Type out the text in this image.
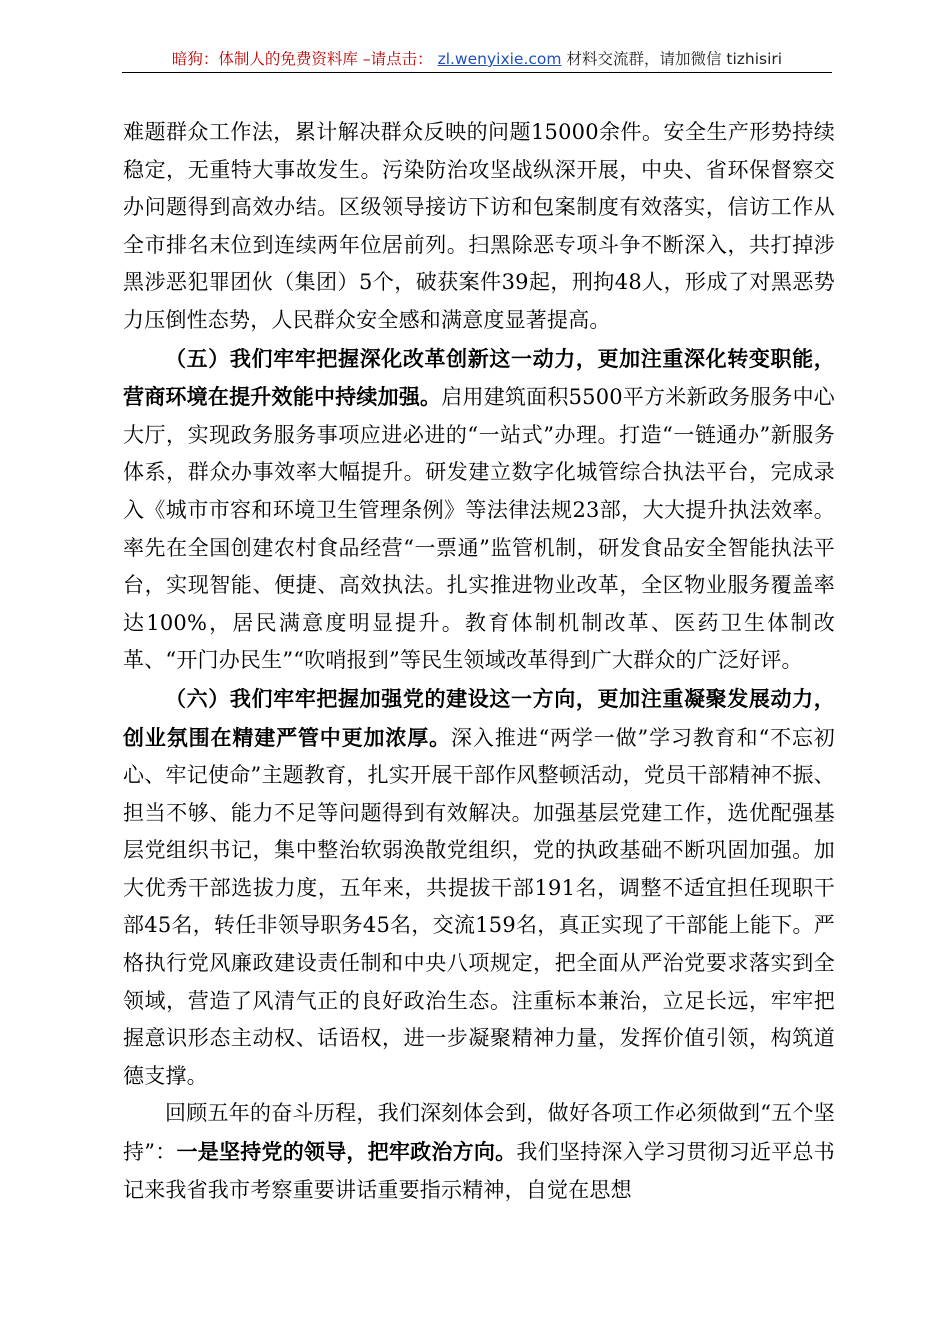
暗狗：体制人的免费资料库 –请点击： zl.wenyixie.com 材料交流群，请加微信 tizhisiri

难题群众工作法，累计解决群众反映的问题15000余件。安全生产形势持续稳定，无重特大事故发生。污染防治攻坚战纵深开展，中央、省环保督察交办问题得到高效办结。区级领导接访下访和包案制度有效落实，信访工作从全市排名末位到连续两年位居前列。扫黑除恶专项斗争不断深入，共打掉涉黑涉恶犯罪团伙（集团）5个，破获案件39起，刑拘48人，形成了对黑恶势力压倒性态势，人民群众安全感和满意度显著提高。

（五）我们牢牢把握深化改革创新这一动力，更加注重深化转变职能，营商环境在提升效能中持续加强。启用建筑面积5500平方米新政务服务中心大厅，实现政务服务事项应进必进的“一站式”办理。打造“一链通办”新服务体系，群众办事效率大幅提升。研发建立数字化城管综合执法平台，完成录入《城市市容和环境卫生管理条例》等法律法规23部，大大提升执法效率。率先在全国创建农村食品经营“一票通”监管机制，研发食品安全智能执法平台，实现智能、便捷、高效执法。扎实推进物业改革，全区物业服务覆盖率达100%，居民满意度明显提升。教育体制机制改革、医药卫生体制改革、“开门办民生”“吹哨报到”等民生领域改革得到广大群众的广泛好评。

（六）我们牢牢把握加强党的建设这一方向，更加注重凝聚发展动力，创业氛围在精建严管中更加浓厚。深入推进“两学一做”学习教育和“不忘初心、牢记使命”主题教育，扎实开展干部作风整顿活动，党员干部精神不振、担当不够、能力不足等问题得到有效解决。加强基层党建工作，选优配强基层党组织书记，集中整治软弱涣散党组织，党的执政基础不断巩固加强。加大优秀干部选拔力度，五年来，共提拔干部191名，调整不适宜担任现职干部45名，转任非领导职务45名，交流159名，真正实现了干部能上能下。严格执行党风廉政建设责任制和中央八项规定，把全面从严治党要求落实到全领域，营造了风清气正的良好政治生态。注重标本兼治，立足长远，牢牢把握意识形态主动权、话语权，进一步凝聚精神力量，发挥价值引领，构筑道德支撑。

回顾五年的奋斗历程，我们深刻体会到，做好各项工作必须做到“五个坚持”：一是坚持党的领导，把牢政治方向。我们坚持深入学习贯彻习近平总书记来我省我市考察重要讲话重要指示精神，自觉在思想
